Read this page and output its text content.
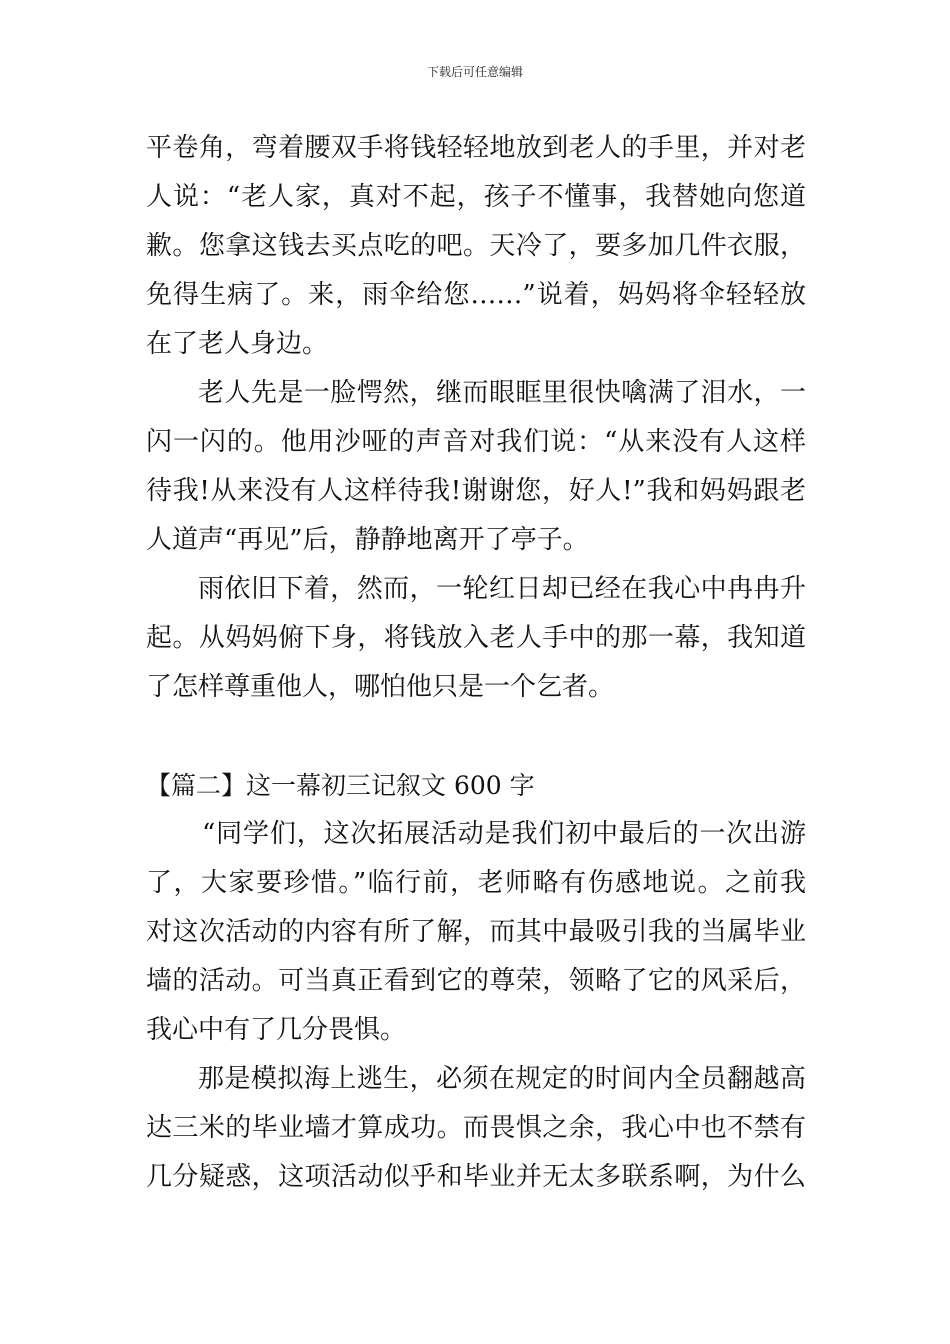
下载后可任意编辑
平卷角，弯着腰双手将钱轻轻地放到老人的手里，并对老
人说：“老人家，真对不起，孩子不懂事，我替她向您道
歉。您拿这钱去买点吃的吧。天冷了，要多加几件衣服，
免得生病了。来，雨伞给您……”说着，妈妈将伞轻轻放
在了老人身边。
老人先是一脸愕然，继而眼眶里很快噙满了泪水，一
闪一闪的。他用沙哑的声音对我们说：“从来没有人这样
待我!从来没有人这样待我!谢谢您，好人!”我和妈妈跟老
人道声“再见”后，静静地离开了亭子。
雨依旧下着，然而，一轮红日却已经在我心中冉冉升
起。从妈妈俯下身，将钱放入老人手中的那一幕，我知道
了怎样尊重他人，哪怕他只是一个乞者。
【篇二】这一幕初三记叙文 600 字
“同学们，这次拓展活动是我们初中最后的一次出游
了，大家要珍惜。”临行前，老师略有伤感地说。之前我
对这次活动的内容有所了解，而其中最吸引我的当属毕业
墙的活动。可当真正看到它的尊荣，领略了它的风采后，
我心中有了几分畏惧。
那是模拟海上逃生，必须在规定的时间内全员翻越高
达三米的毕业墙才算成功。而畏惧之余，我心中也不禁有
几分疑惑，这项活动似乎和毕业并无太多联系啊，为什么
